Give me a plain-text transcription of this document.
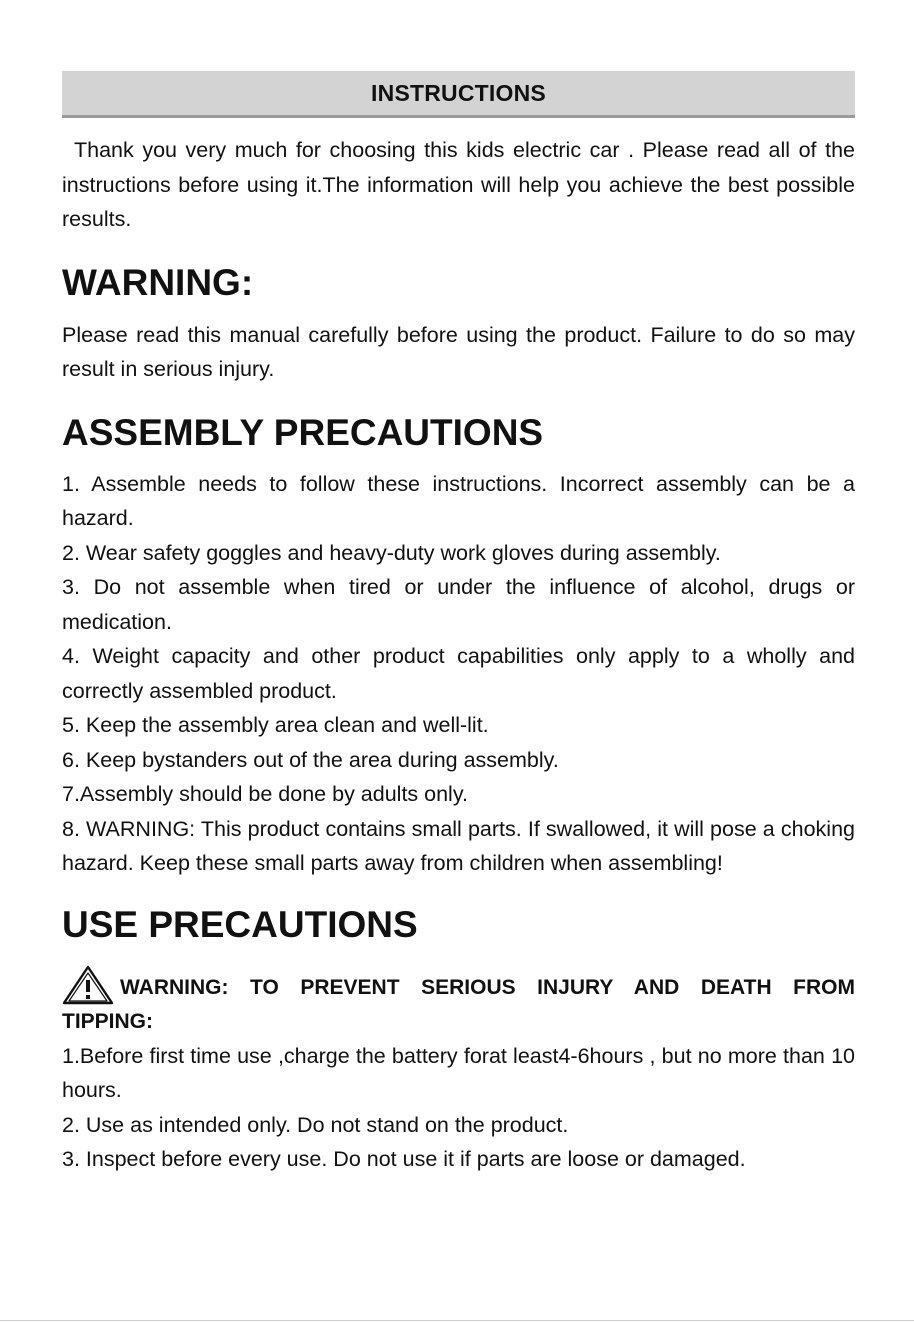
INSTRUCTIONS

Thank you very much for choosing this kids electric car . Please read all of the instructions before using it.The information will help you achieve the best possible results.

WARNING:

Please read this manual carefully before using the product. Failure to do so may result in serious injury.

ASSEMBLY PRECAUTIONS

1. Assemble needs to follow these instructions. Incorrect assembly can be a hazard.

2. Wear safety goggles and heavy-duty work gloves during assembly.

3. Do not assemble when tired or under the influence of alcohol, drugs or medication.

4. Weight capacity and other product capabilities only apply to a wholly and correctly assembled product.

5. Keep the assembly area clean and well-lit.

6. Keep bystanders out of the area during assembly.

7.Assembly should be done by adults only.

8. WARNING: This product contains small parts. If swallowed, it will pose a choking hazard. Keep these small parts away from children when assembling!

USE PRECAUTIONS
WARNING: TO PREVENT SERIOUS INJURY AND DEATH FROM

TIPPING:

1.Before first time use ,charge the battery forat least4-6hours , but no more than 10 hours.

2. Use as intended only. Do not stand on the product.

3. Inspect before every use. Do not use it if parts are loose or damaged.
